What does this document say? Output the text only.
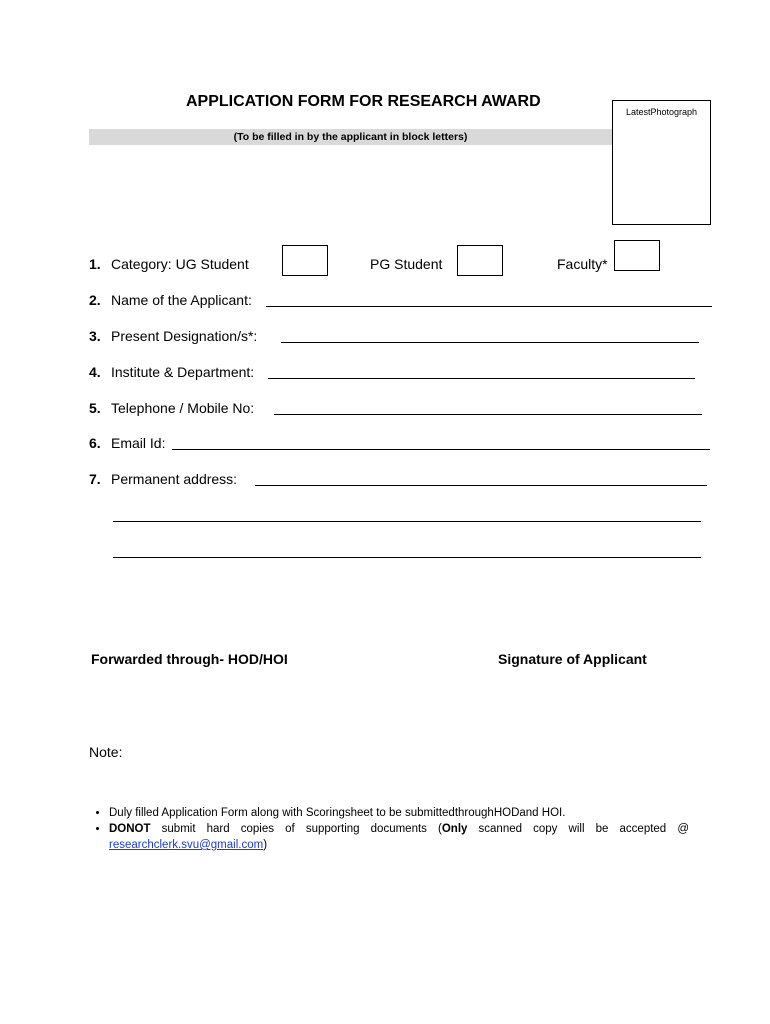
APPLICATION FORM FOR RESEARCH AWARD
(To be filled in by the applicant in block letters)
LatestPhotograph
1. Category: UG Student	PG Student	Faculty*
2. Name of the Applicant:
3. Present Designation/s*:
4. Institute & Department:
5. Telephone / Mobile No:
6. Email Id:
7. Permanent address:
Forwarded through- HOD/HOI	Signature of Applicant
Note:
• Duly filled Application Form along with Scoringsheet to be submittedthroughHODand HOI.
• DONOT submit hard copies of supporting documents (Only scanned copy will be accepted @ researchclerk.svu@gmail.com)
